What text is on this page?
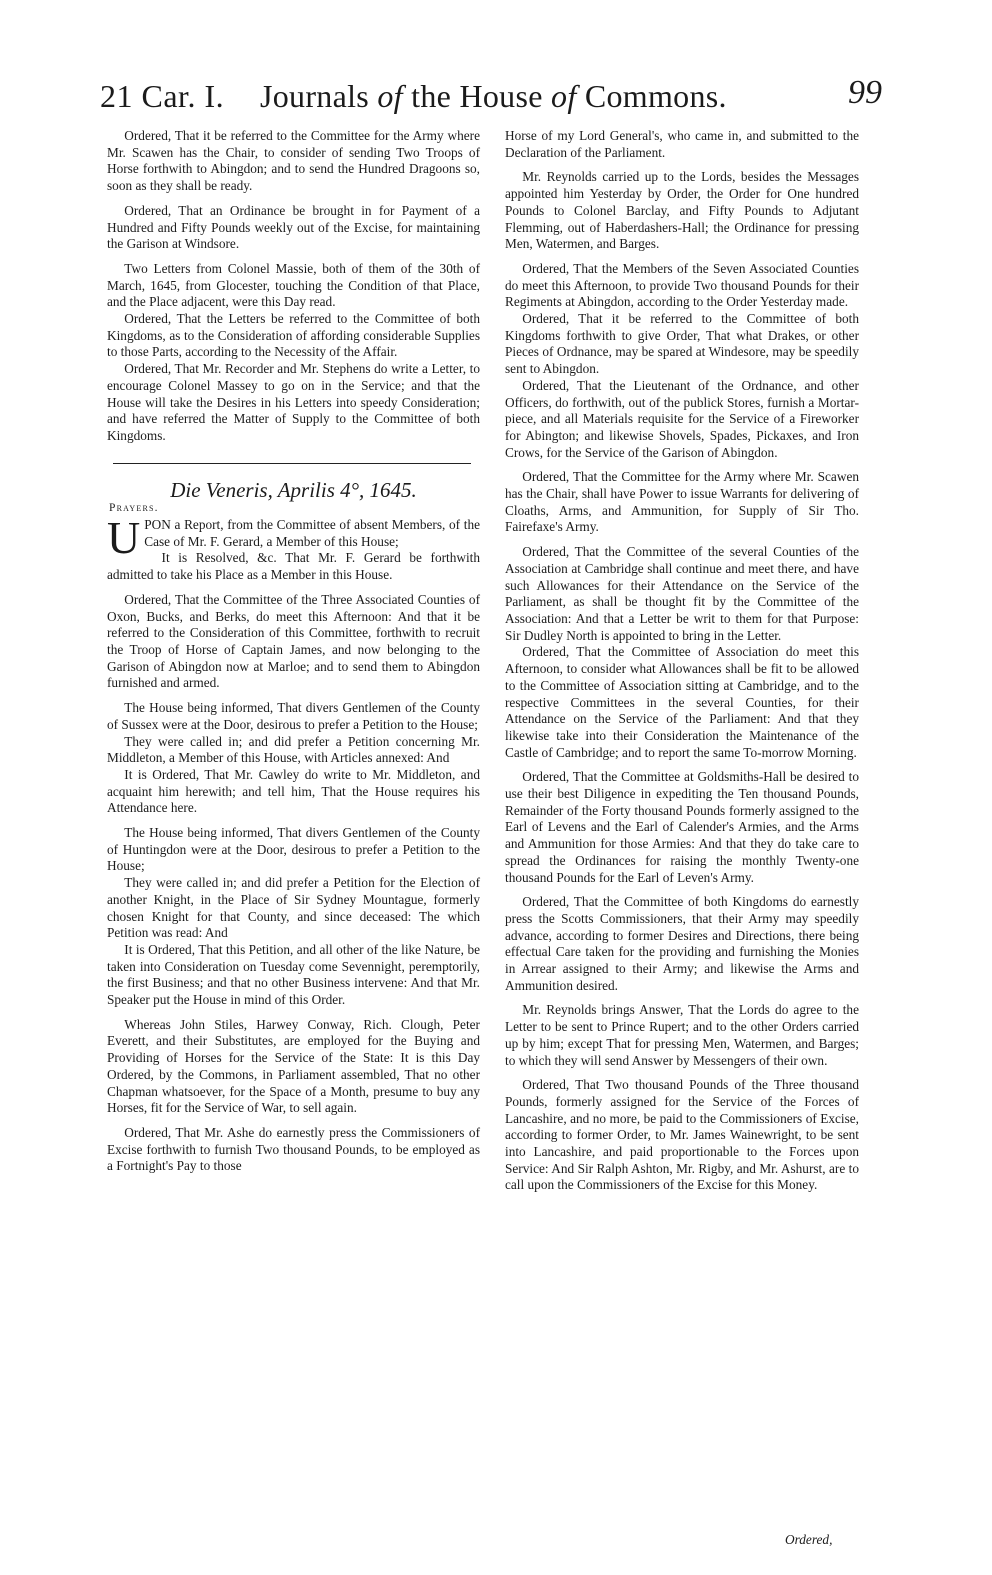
21 Car. I. Journals of the House of Commons.	99

Ordered, That it be referred to the Committee for the Army where Mr. Scawen has the Chair, to consider of sending Two Troops of Horse forthwith to Abingdon; and to send the Hundred Dragoons so, soon as they shall be ready.

Ordered, That an Ordinance be brought in for Payment of a Hundred and Fifty Pounds weekly out of the Excise, for maintaining the Garison at Windsore.

Two Letters from Colonel Massie, both of them of the 30th of March, 1645, from Glocester, touching the Condition of that Place, and the Place adjacent, were this Day read.

Ordered, That the Letters be referred to the Committee of both Kingdoms, as to the Consideration of affording considerable Supplies to those Parts, according to the Necessity of the Affair.

Ordered, That Mr. Recorder and Mr. Stephens do write a Letter, to encourage Colonel Massey to go on in the Service; and that the House will take the Desires in his Letters into speedy Consideration; and have referred the Matter of Supply to the Committee of both Kingdoms.

Die Veneris, Aprilis 4°, 1645.
Prayers.

UPON a Report, from the Committee of absent Members, of the Case of Mr. F. Gerard, a Member of this House;

It is Resolved, &c. That Mr. F. Gerard be forthwith admitted to take his Place as a Member in this House.

Ordered, That the Committee of the Three Associated Counties of Oxon, Bucks, and Berks, do meet this Afternoon: And that it be referred to the Consideration of this Committee, forthwith to recruit the Troop of Horse of Captain James, and now belonging to the Garison of Abingdon now at Marloe; and to send them to Abingdon furnished and armed.

The House being informed, That divers Gentlemen of the County of Sussex were at the Door, desirous to prefer a Petition to the House;

They were called in; and did prefer a Petition concerning Mr. Middleton, a Member of this House, with Articles annexed: And

It is Ordered, That Mr. Cawley do write to Mr. Middleton, and acquaint him herewith; and tell him, That the House requires his Attendance here.

The House being informed, That divers Gentlemen of the County of Huntingdon were at the Door, desirous to prefer a Petition to the House;

They were called in; and did prefer a Petition for the Election of another Knight, in the Place of Sir Sydney Mountague, formerly chosen Knight for that County, and since deceased: The which Petition was read: And

It is Ordered, That this Petition, and all other of the like Nature, be taken into Consideration on Tuesday come Sevennight, peremptorily, the first Business; and that no other Business intervene: And that Mr. Speaker put the House in mind of this Order.

Whereas John Stiles, Harwey Conway, Rich. Clough, Peter Everett, and their Substitutes, are employed for the Buying and Providing of Horses for the Service of the State: It is this Day Ordered, by the Commons, in Parliament assembled, That no other Chapman whatsoever, for the Space of a Month, presume to buy any Horses, fit for the Service of War, to sell again.

Ordered, That Mr. Ashe do earnestly press the Commissioners of Excise forthwith to furnish Two thousand Pounds, to be employed as a Fortnight's Pay to those

Horse of my Lord General's, who came in, and submitted to the Declaration of the Parliament.

Mr. Reynolds carried up to the Lords, besides the Messages appointed him Yesterday by Order, the Order for One hundred Pounds to Colonel Barclay, and Fifty Pounds to Adjutant Flemming, out of Haberdashers-Hall; the Ordinance for pressing Men, Watermen, and Barges.

Ordered, That the Members of the Seven Associated Counties do meet this Afternoon, to provide Two thousand Pounds for their Regiments at Abingdon, according to the Order Yesterday made.

Ordered, That it be referred to the Committee of both Kingdoms forthwith to give Order, That what Drakes, or other Pieces of Ordnance, may be spared at Windesore, may be speedily sent to Abingdon.

Ordered, That the Lieutenant of the Ordnance, and other Officers, do forthwith, out of the publick Stores, furnish a Mortar-piece, and all Materials requisite for the Service of a Fireworker for Abington; and likewise Shovels, Spades, Pickaxes, and Iron Crows, for the Service of the Garison of Abingdon.

Ordered, That the Committee for the Army where Mr. Scawen has the Chair, shall have Power to issue Warrants for delivering of Cloaths, Arms, and Ammunition, for Supply of Sir Tho. Fairefaxe's Army.

Ordered, That the Committee of the several Counties of the Association at Cambridge shall continue and meet there, and have such Allowances for their Attendance on the Service of the Parliament, as shall be thought fit by the Committee of the Association: And that a Letter be writ to them for that Purpose: Sir Dudley North is appointed to bring in the Letter.

Ordered, That the Committee of Association do meet this Afternoon, to consider what Allowances shall be fit to be allowed to the Committee of Association sitting at Cambridge, and to the respective Committees in the several Counties, for their Attendance on the Service of the Parliament: And that they likewise take into their Consideration the Maintenance of the Castle of Cambridge; and to report the same To-morrow Morning.

Ordered, That the Committee at Goldsmiths-Hall be desired to use their best Diligence in expediting the Ten thousand Pounds, Remainder of the Forty thousand Pounds formerly assigned to the Earl of Levens and the Earl of Calender's Armies, and the Arms and Ammunition for those Armies: And that they do take care to spread the Ordinances for raising the monthly Twenty-one thousand Pounds for the Earl of Leven's Army.

Ordered, That the Committee of both Kingdoms do earnestly press the Scotts Commissioners, that their Army may speedily advance, according to former Desires and Directions, there being effectual Care taken for the providing and furnishing the Monies in Arrear assigned to their Army; and likewise the Arms and Ammunition desired.

Mr. Reynolds brings Answer, That the Lords do agree to the Letter to be sent to Prince Rupert; and to the other Orders carried up by him; except That for pressing Men, Watermen, and Barges; to which they will send Answer by Messengers of their own.

Ordered, That Two thousand Pounds of the Three thousand Pounds, formerly assigned for the Service of the Forces of Lancashire, and no more, be paid to the Commissioners of Excise, according to former Order, to Mr. James Wainewright, to be sent into Lancashire, and paid proportionable to the Forces upon Service: And Sir Ralph Ashton, Mr. Rigby, and Mr. Ashurst, are to call upon the Commissioners of the Excise for this Money.

Ordered,
